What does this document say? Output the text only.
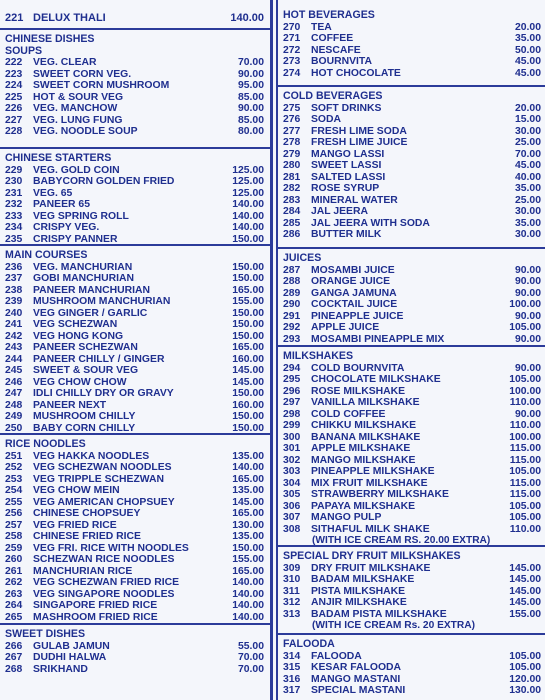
221 DELUX THALI	140.00
CHINESE DISHES
SOUPS
222	VEG. CLEAR	70.00
223	SWEET CORN VEG.	90.00
224	SWEET CORN MUSHROOM	95.00
225	HOT & SOUR VEG	85.00
226	VEG. MANCHOW	90.00
227	VEG. LUNG FUNG	85.00
228	VEG. NOODLE SOUP	80.00
CHINESE STARTERS
229	VEG. GOLD COIN	125.00
230	BABYCORN GOLDEN FRIED	125.00
231	VEG. 65	125.00
232	PANEER 65	140.00
233	VEG SPRING ROLL	140.00
234	CRISPY VEG.	140.00
235	CRISPY PANNER	150.00
MAIN COURSES
236	VEG. MANCHURIAN	150.00
237	GOBI MANCHURIAN	150.00
238	PANEER MANCHURIAN	165.00
239	MUSHROOM MANCHURIAN	155.00
240	VEG GINGER / GARLIC	150.00
241	VEG SCHEZWAN	150.00
242	VEG HONG KONG	150.00
243	PANEER SCHEZWAN	165.00
244	PANEER CHILLY / GINGER	160.00
245	SWEET & SOUR VEG	145.00
246	VEG CHOW CHOW	145.00
247	IDLI CHILLY DRY OR GRAVY	150.00
248	PANEER NEXT	160.00
249	MUSHROOM CHILLY	150.00
250	BABY CORN CHILLY	150.00
RICE NOODLES
251	VEG HAKKA NOODLES	135.00
252	VEG SCHEZWAN NOODLES	140.00
253	VEG TRIPPLE SCHEZWAN	165.00
254	VEG CHOW MEIN	135.00
255	VEG AMERICAN CHOPSUEY	145.00
256	CHINESE CHOPSUEY	165.00
257	VEG FRIED RICE	130.00
258	CHINESE FRIED RICE	135.00
259	VEG FRI. RICE WITH NOODLES	150.00
260	SCHEZWAN RICE NOODLES	155.00
261	MANCHURIAN RICE	165.00
262	VEG SCHEZWAN FRIED RICE	140.00
263	VEG SINGAPORE NOODLES	140.00
264	SINGAPORE FRIED RICE	140.00
265	MASHROOM FRIED RICE	140.00
SWEET DISHES
266	GULAB JAMUN	55.00
267	DUDHI HALWA	70.00
268	SRIKHAND	70.00
HOT BEVERAGES
270	TEA	20.00
271	COFFEE	35.00
272	NESCAFE	50.00
273	BOURNVITA	45.00
274	HOT CHOCOLATE	45.00
COLD BEVERAGES
275	SOFT DRINKS	20.00
276	SODA	15.00
277	FRESH LIME SODA	30.00
278	FRESH LIME JUICE	25.00
279	MANGO LASSI	70.00
280	SWEET LASSI	45.00
281	SALTED LASSI	40.00
282	ROSE SYRUP	35.00
283	MINERAL WATER	25.00
284	JAL JEERA	30.00
285	JAL JEERA WITH SODA	35.00
286	BUTTER MILK	30.00
JUICES
287	MOSAMBI JUICE	90.00
288	ORANGE JUICE	90.00
289	GANGA JAMUNA	90.00
290	COCKTAIL JUICE	100.00
291	PINEAPPLE JUICE	90.00
292	APPLE JUICE	105.00
293	MOSAMBI PINEAPPLE MIX	90.00
MILKSHAKES
294	COLD BOURNVITA	90.00
295	CHOCOLATE MILKSHAKE	105.00
296	ROSE MILKSHAKE	100.00
297	VANILLA MILKSHAKE	110.00
298	COLD COFFEE	90.00
299	CHIKKU MILKSHAKE	110.00
300	BANANA MILKSHAKE	100.00
301	APPLE MILKSHAKE	115.00
302	MANGO MILKSHAKE	115.00
303	PINEAPPLE MILKSHAKE	105.00
304	MIX FRUIT MILKSHAKE	115.00
305	STRAWBERRY MILKSHAKE	115.00
306	PAPAYA MILKSHAKE	105.00
307	MANGO PULP	105.00
308	SITHAFUL MILK SHAKE	110.00
(WITH ICE CREAM RS. 20.00 EXTRA)
SPECIAL DRY FRUIT MILKSHAKES
309	DRY FRUIT MILKSHAKE	145.00
310	BADAM MILKSHAKE	145.00
311	PISTA MILKSHAKE	145.00
312	ANJIR MILKSHAKE	145.00
313	BADAM PISTA MILKSHAKE	155.00
(WITH ICE CREAM Rs. 20 EXTRA)
FALOODA
314	FALOODA	105.00
315	KESAR FALOODA	105.00
316	MANGO MASTANI	120.00
317	SPECIAL MASTANI	130.00
